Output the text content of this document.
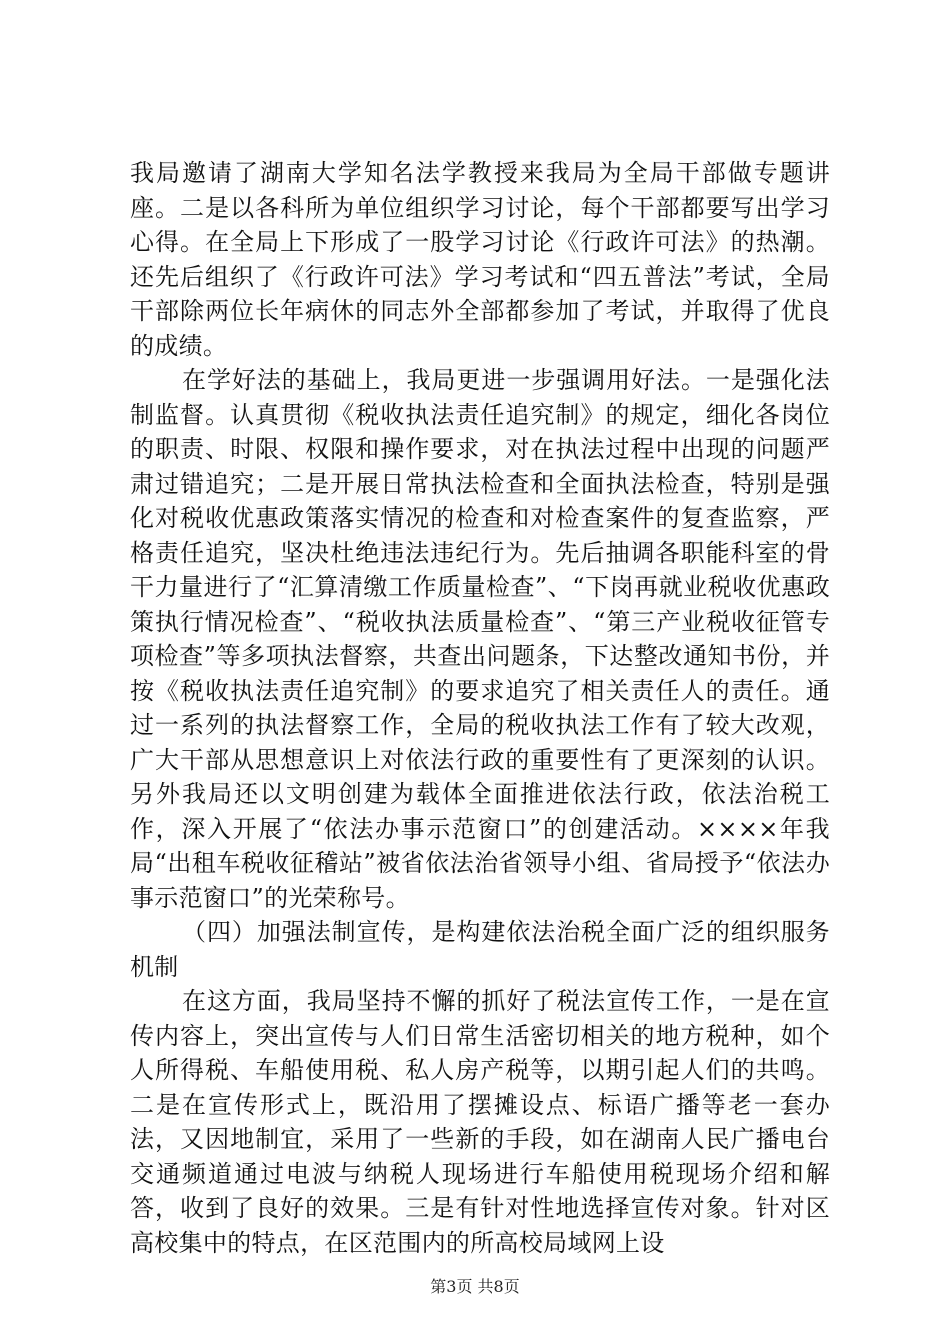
我局邀请了湖南大学知名法学教授来我局为全局干部做专题讲座。二是以各科所为单位组织学习讨论，每个干部都要写出学习心得。在全局上下形成了一股学习讨论《行政许可法》的热潮。还先后组织了《行政许可法》学习考试和“四五普法”考试，全局干部除两位长年病休的同志外全部都参加了考试，并取得了优良的成绩。

在学好法的基础上，我局更进一步强调用好法。一是强化法制监督。认真贯彻《税收执法责任追究制》的规定，细化各岗位的职责、时限、权限和操作要求，对在执法过程中出现的问题严肃过错追究；二是开展日常执法检查和全面执法检查，特别是强化对税收优惠政策落实情况的检查和对检查案件的复查监察，严格责任追究，坚决杜绝违法违纪行为。先后抽调各职能科室的骨干力量进行了“汇算清缴工作质量检查”、“下岗再就业税收优惠政策执行情况检查”、“税收执法质量检查”、“第三产业税收征管专项检查”等多项执法督察，共查出问题条，下达整改通知书份，并按《税收执法责任追究制》的要求追究了相关责任人的责任。通过一系列的执法督察工作，全局的税收执法工作有了较大改观，广大干部从思想意识上对依法行政的重要性有了更深刻的认识。另外我局还以文明创建为载体全面推进依法行政，依法治税工作，深入开展了“依法办事示范窗口”的创建活动。××××年我局“出租车税收征稽站”被省依法治省领导小组、省局授予“依法办事示范窗口”的光荣称号。

（四）加强法制宣传，是构建依法治税全面广泛的组织服务机制

在这方面，我局坚持不懈的抓好了税法宣传工作，一是在宣传内容上，突出宣传与人们日常生活密切相关的地方税种，如个人所得税、车船使用税、私人房产税等，以期引起人们的共鸣。二是在宣传形式上，既沿用了摆摊设点、标语广播等老一套办法，又因地制宜，采用了一些新的手段，如在湖南人民广播电台交通频道通过电波与纳税人现场进行车船使用税现场介绍和解答，收到了良好的效果。三是有针对性地选择宣传对象。针对区高校集中的特点，在区范围内的所高校局域网上设

第3页 共8页
